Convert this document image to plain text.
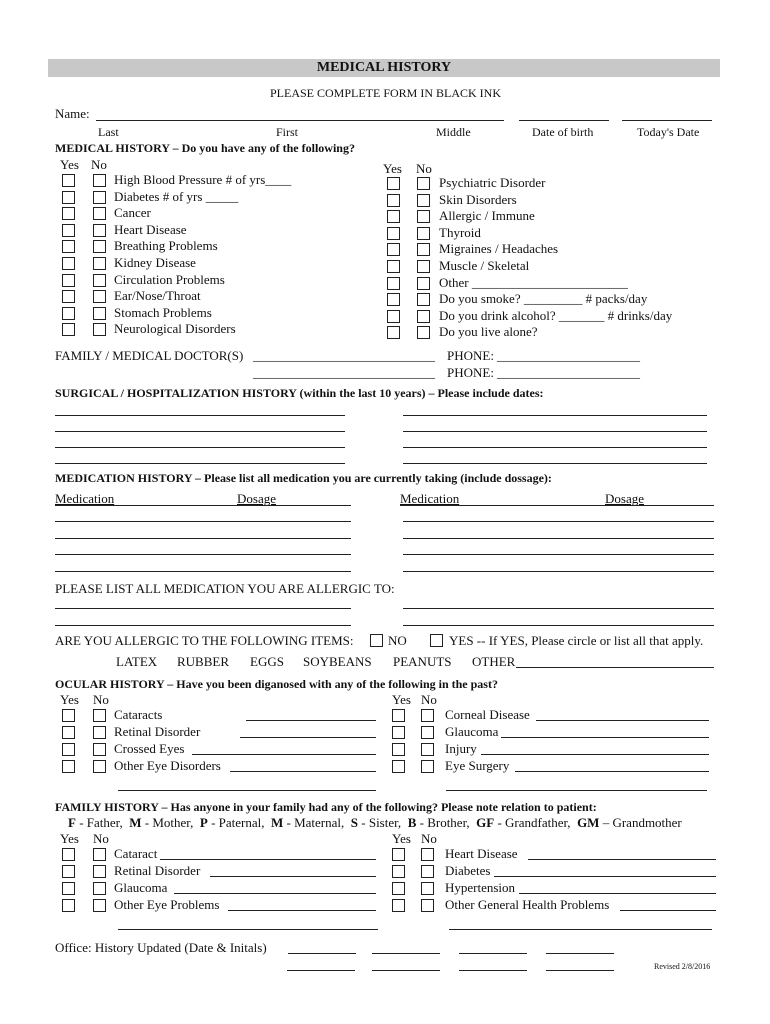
MEDICAL HISTORY
PLEASE COMPLETE FORM IN BLACK INK
Name:
Last	First	Middle	Date of birth	Today's Date
MEDICAL HISTORY – Do you have any of the following?
Yes No	Yes No
High Blood Pressure # of yrs____
Diabetes # of yrs _____
Cancer
Heart Disease
Breathing Problems
Kidney Disease
Circulation Problems
Ear/Nose/Throat
Stomach Problems
Neurological Disorders
Psychiatric Disorder
Skin Disorders
Allergic / Immune
Thyroid
Migraines / Headaches
Muscle / Skeletal
Other ________________________
Do you smoke? _________ # packs/day
Do you drink alcohol? _______ # drinks/day
Do you live alone?
FAMILY / MEDICAL DOCTOR(S) ____________________________
____________________________
PHONE: ______________________
PHONE: ______________________
SURGICAL / HOSPITALIZATION HISTORY (within the last 10 years) – Please include dates:
MEDICATION HISTORY – Please list all medication you are currently taking (include dossage):
Medication	Dosage	Medication	Dosage
PLEASE LIST ALL MEDICATION YOU ARE ALLERGIC TO:
ARE YOU ALLERGIC TO THE FOLLOWING ITEMS:	NO	YES -- If YES, Please circle or list all that apply.
LATEX RUBBER EGGS SOYBEANS PEANUTS OTHER
OCULAR HISTORY – Have you been diganosed with any of the following in the past?
Yes No	Yes No
Cataracts
Retinal Disorder
Crossed Eyes
Other Eye Disorders
Corneal Disease
Glaucoma
Injury
Eye Surgery
FAMILY HISTORY – Has anyone in your family had any of the following? Please note relation to patient:
F - Father,  M - Mother,  P - Paternal,  M - Maternal,  S - Sister,  B - Brother,  GF - Grandfather,  GM – Grandmother
Yes No	Yes No
Cataract
Retinal Disorder
Glaucoma
Other Eye Problems
Heart Disease
Diabetes
Hypertension
Other General Health Problems
Office: History Updated (Date & Initals)
Revised 2/8/2016
